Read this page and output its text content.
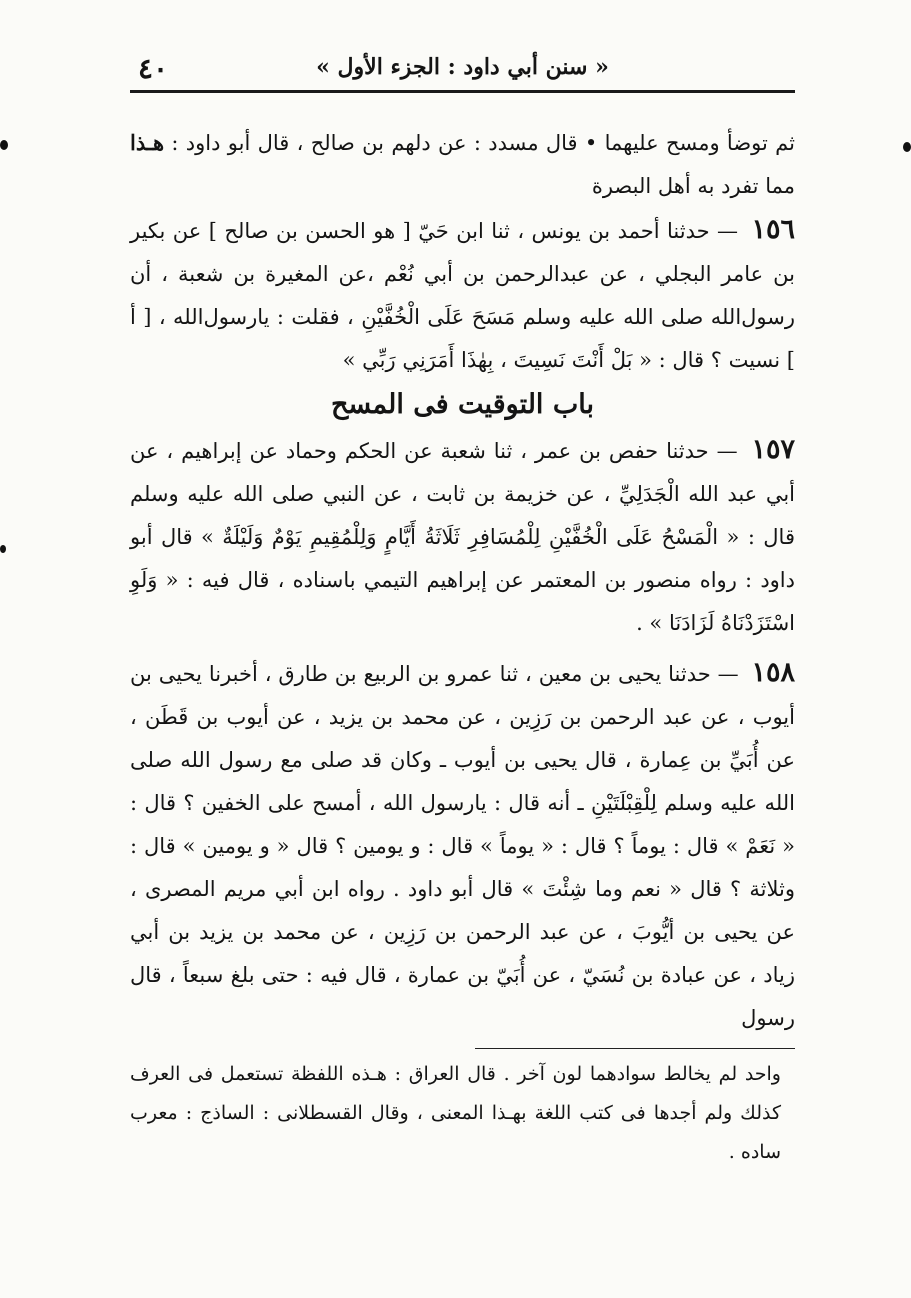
« سنن أبي داود : الجزء الأول »
٤٠

ثم توضأ ومسح عليهما • قال مسدد : عن دلهم بن صالح ، قال أبو داود : هـذا مما تفرد به أهل البصرة

١٥٦ — حدثنا أحمد بن يونس ، ثنا ابن حَيّ [ هو الحسن بن صالح ] عن بكير بن عامر البجلي ، عن عبدالرحمن بن أبي نُعْم ،عن المغيرة بن شعبة ، أن رسول‌الله صلى الله عليه وسلم مَسَحَ عَلَى الْخُفَّيْنِ ، فقلت : يارسول‌الله ، [ أ ] نسيت ؟ قال : « بَلْ أَنْتَ نَسِيتَ ، بِهٰذَا أَمَرَنِي رَبِّي »

باب التوقيت فى المسح

١٥٧ — حدثنا حفص بن عمر ، ثنا شعبة عن الحكم وحماد عن إبراهيم ، عن أبي عبد الله الْجَدَلِيِّ ، عن خزيمة بن ثابت ، عن النبي صلى الله عليه وسلم قال : « الْمَسْحُ عَلَى الْخُفَّيْنِ لِلْمُسَافِرِ ثَلَاثَةُ أَيَّامٍ وَلِلْمُقِيمِ يَوْمٌ وَلَيْلَةٌ » قال أبو داود : رواه منصور بن المعتمر عن إبراهيم التيمي باسناده ، قال فيه : « وَلَوِ اسْتَزَدْنَاهُ لَزَادَنَا » .

١٥٨ — حدثنا يحيى بن معين ، ثنا عمرو بن الربيع بن طارق ، أخبرنا يحيى بن أيوب ، عن عبد الرحمن بن رَزِين ، عن محمد بن يزيد ، عن أيوب بن قَطَن ، عن أُبَيِّ بن عِمارة ، قال يحيى بن أيوب ـ وكان قد صلى مع رسول الله صلى الله عليه وسلم لِلْقِبْلَتَيْنِ ـ أنه قال : يارسول الله ، أمسح على الخفين ؟ قال : « نَعَمْ » قال : يوماً ؟ قال : « يوماً » قال : و يومين ؟ قال « و يومين » قال : وثلاثة ؟ قال « نعم وما شِئْتَ » قال أبو داود . رواه ابن أبي مريم المصرى ، عن يحيى بن أيُّوبَ ، عن عبد الرحمن بن رَزِين ، عن محمد بن يزيد بن أبي زياد ، عن عبادة بن نُسَيّ ، عن أُبَيّ بن عمارة ، قال فيه : حتى بلغ سبعاً ، قال رسول

واحد لم يخالط سوادهما لون آخر . قال العراق : هـذه اللفظة تستعمل فى العرف كذلك ولم أجدها فى كتب اللغة بهـذا المعنى ، وقال القسطلانى : الساذج : معرب ساده .
